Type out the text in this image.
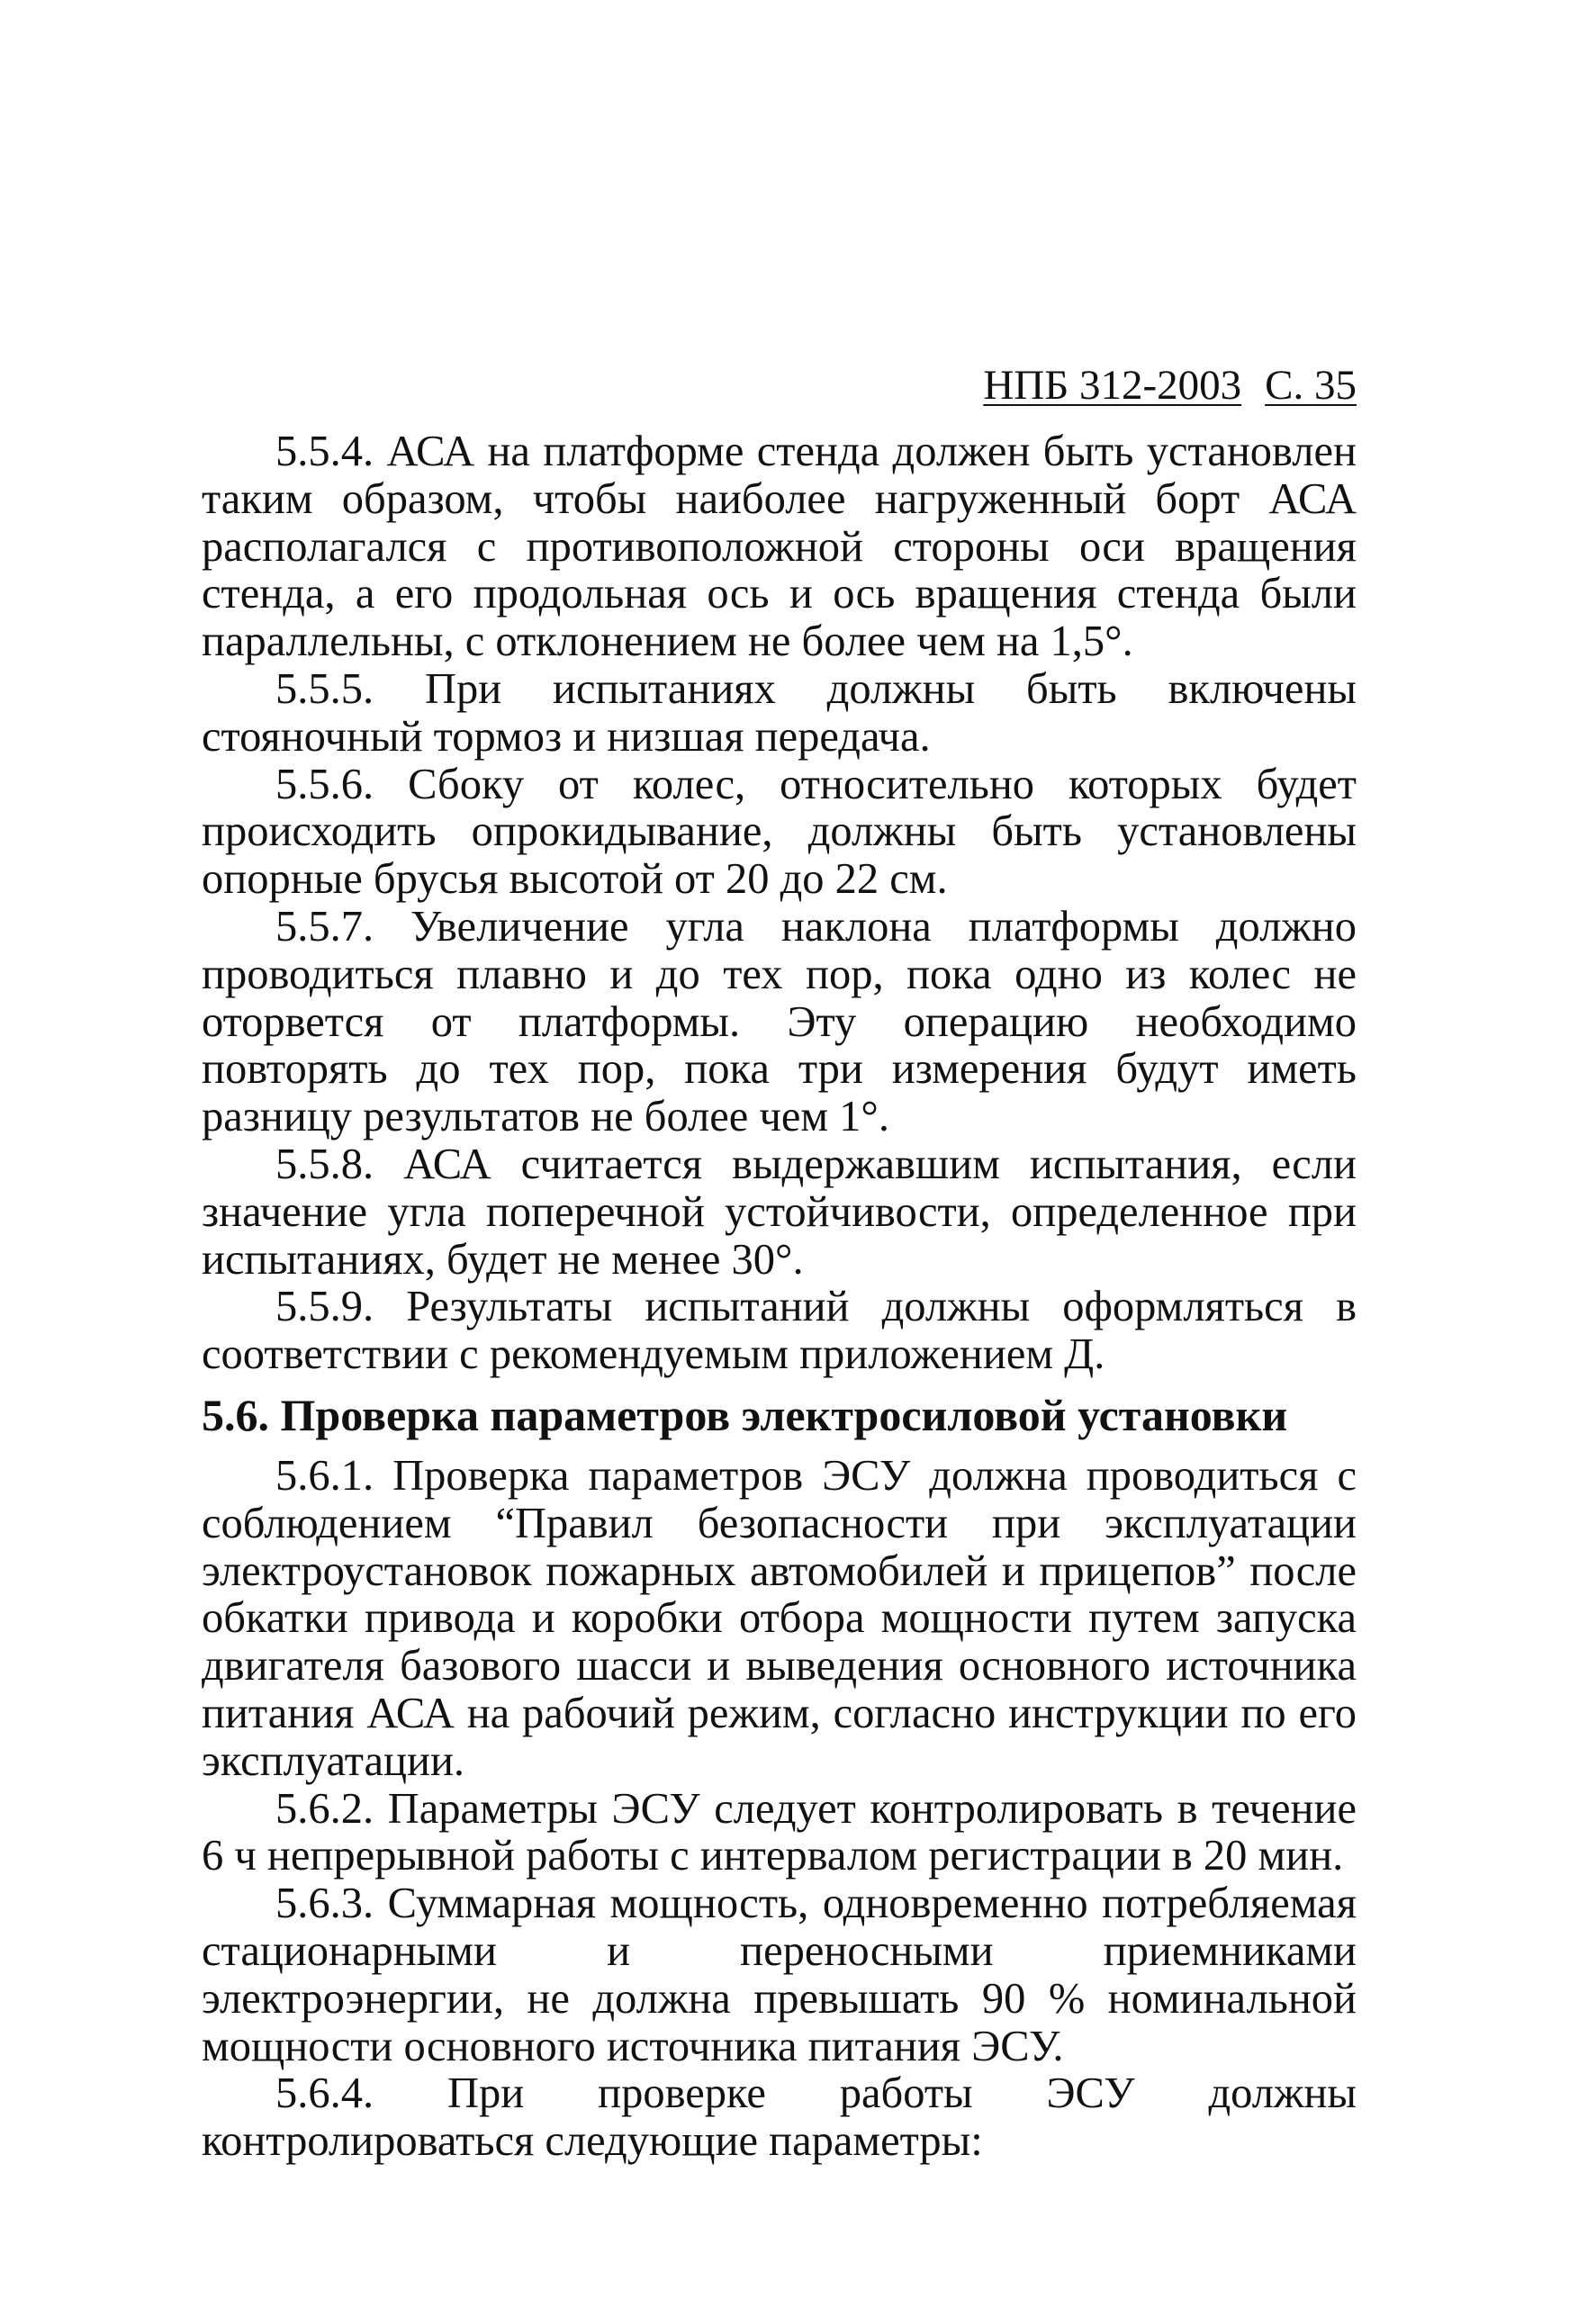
НПБ 312-2003 С. 35

5.5.4. АСА на платформе стенда должен быть установлен таким образом, чтобы наиболее нагруженный борт АСА располагался с противоположной стороны оси вращения стенда, а его продольная ось и ось вращения стенда были параллельны, с отклонением не более чем на 1,5°.

5.5.5. При испытаниях должны быть включены стояночный тормоз и низшая передача.

5.5.6. Сбоку от колес, относительно которых будет происходить опрокидывание, должны быть установлены опорные брусья высотой от 20 до 22 см.

5.5.7. Увеличение угла наклона платформы должно проводиться плавно и до тех пор, пока одно из колес не оторвется от платформы. Эту операцию необходимо повторять до тех пор, пока три измерения будут иметь разницу результатов не более чем 1°.

5.5.8. АСА считается выдержавшим испытания, если значение угла поперечной устойчивости, определенное при испытаниях, будет не менее 30°.

5.5.9. Результаты испытаний должны оформляться в соответствии с рекомендуемым приложением Д.

5.6. Проверка параметров электросиловой установки

5.6.1. Проверка параметров ЭСУ должна проводиться с соблюдением “Правил безопасности при эксплуатации электроустановок пожарных автомобилей и прицепов” после обкатки привода и коробки отбора мощности путем запуска двигателя базового шасси и выведения основного источника питания АСА на рабочий режим, согласно инструкции по его эксплуатации.

5.6.2. Параметры ЭСУ следует контролировать в течение 6 ч непрерывной работы с интервалом регистрации в 20 мин.

5.6.3. Суммарная мощность, одновременно потребляемая стационарными и переносными приемниками электроэнергии, не должна превышать 90 % номинальной мощности основного источника питания ЭСУ.

5.6.4. При проверке работы ЭСУ должны контролироваться следующие параметры:
